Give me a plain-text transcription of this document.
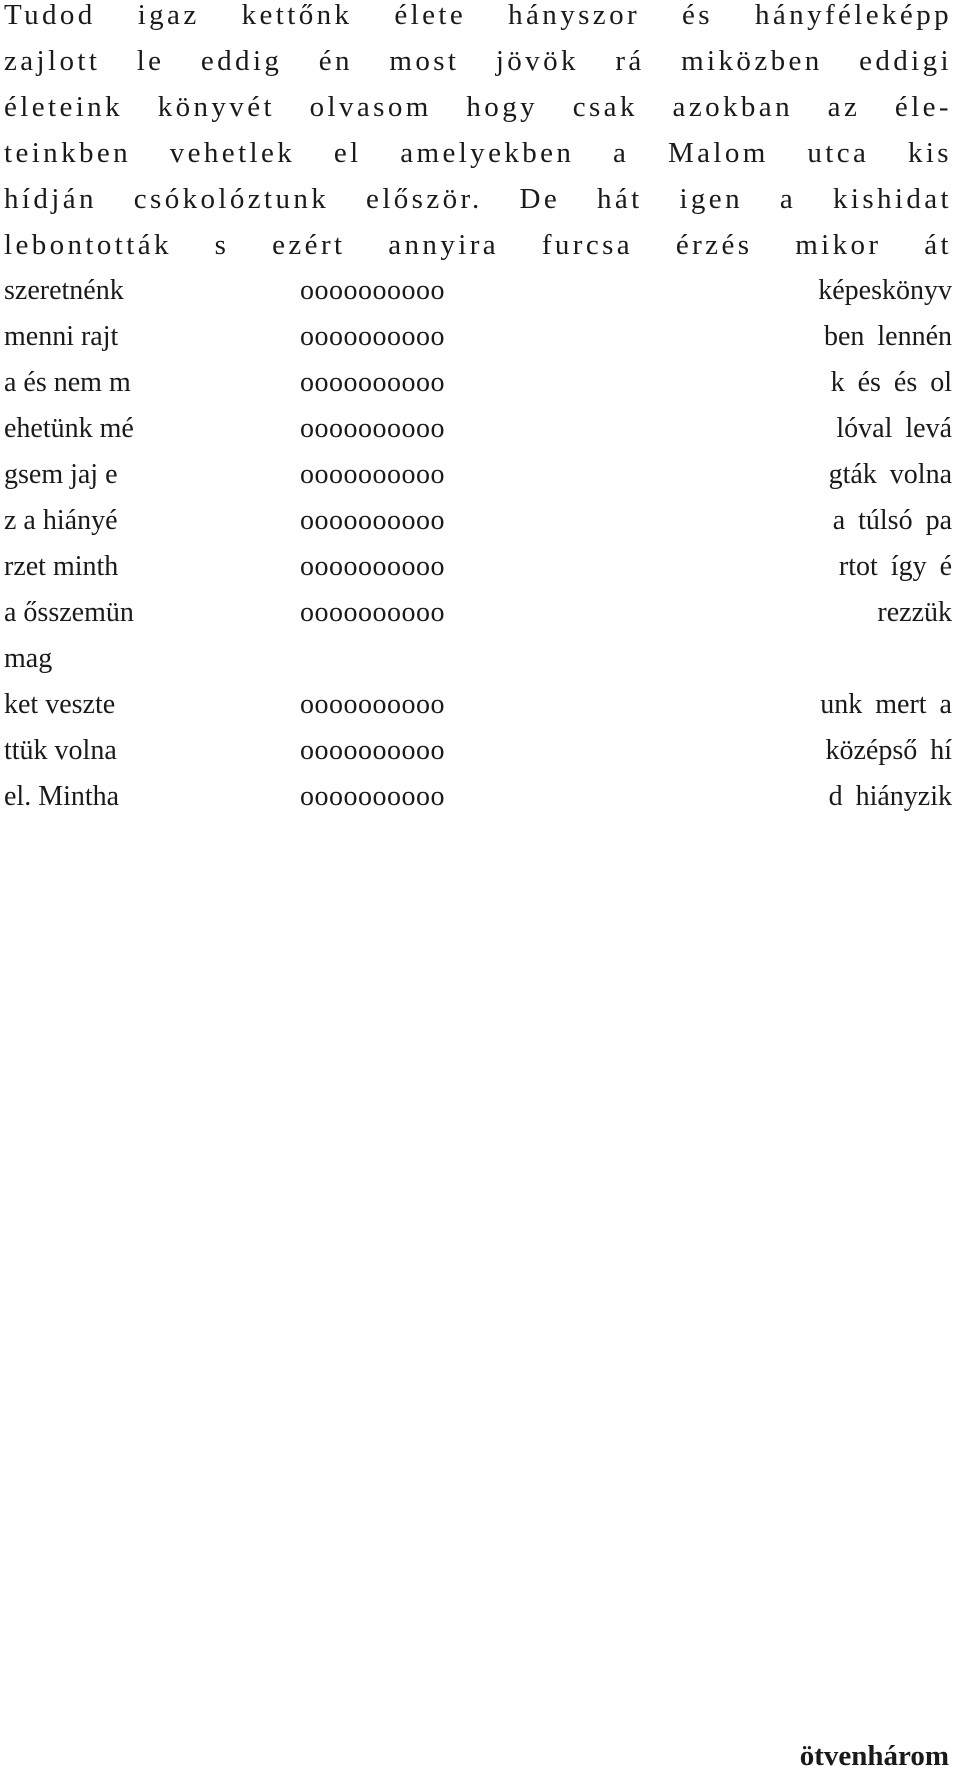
Tudod igaz kettőnk élete hányszor és hányféleképp
zajlott le eddig én most jövök rá miközben eddigi
életeink könyvét olvasom hogy csak azokban az éle-
teinkben vehetlek el amelyekben a Malom utca kis
hídján csókolóztunk először. De hát igen a kishidat
lebontották s ezért annyira furcsa érzés mikor át
szeretnénk	oooooooooo	képeskönyv
menni rajt	oooooooooo	ben lennén
a és nem m	oooooooooo	k és és ol
ehetünk mé	oooooooooo	lóval levá
gsem jaj e	oooooooooo	gták volna
z a hiányé	oooooooooo	a túlsó pa
rzet minth	oooooooooo	rtot így é
a ősszemün	oooooooooo	rezzük
mag
ket veszte	oooooooooo	unk mert a
ttük volna	oooooooooo	középső hí
el. Mintha	oooooooooo	d hiányzik
ötvenhárom
